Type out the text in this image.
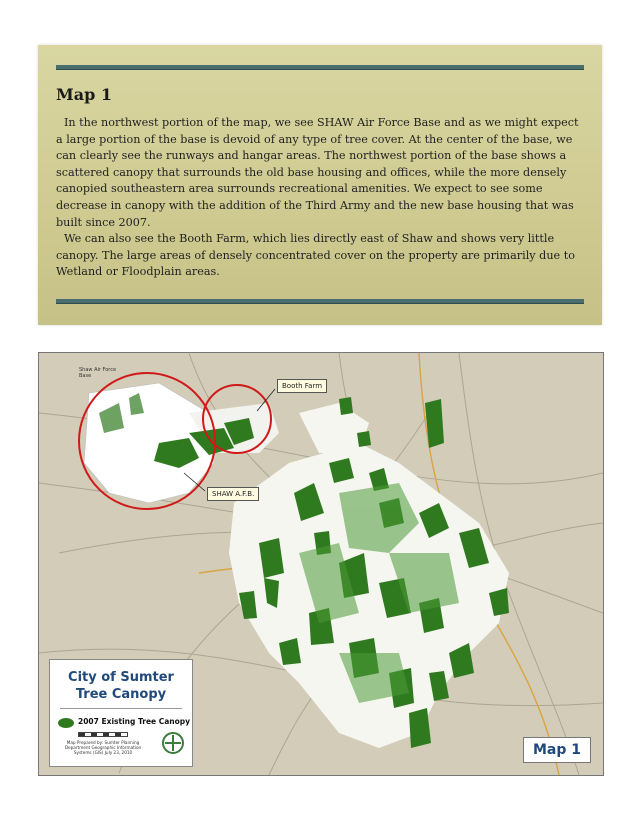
Map 1
In the northwest portion of the map, we see SHAW Air Force Base and as we might expect a large portion of the base is devoid of any type of tree cover. At the center of the base, we can clearly see the runways and hangar areas. The northwest portion of the base shows a scattered canopy that surrounds the old base housing and offices, while the more densely canopied southeastern area surrounds recreational amenities. We expect to see some decrease in canopy with the addition of the Third Army and the new base housing that was built since 2007.
We can also see the Booth Farm, which lies directly east of Shaw and shows very little canopy. The large areas of densely concentrated cover on the property are primarily due to Wetland or Floodplain areas.
Shaw Air Force Base
Booth Farm
SHAW A.F.B.
City of Sumter
Tree Canopy
2007 Existing Tree Canopy
Map Prepared by: Sumter Planning Department Geographic Information Systems (GIS) July 23, 2010	Map 1
